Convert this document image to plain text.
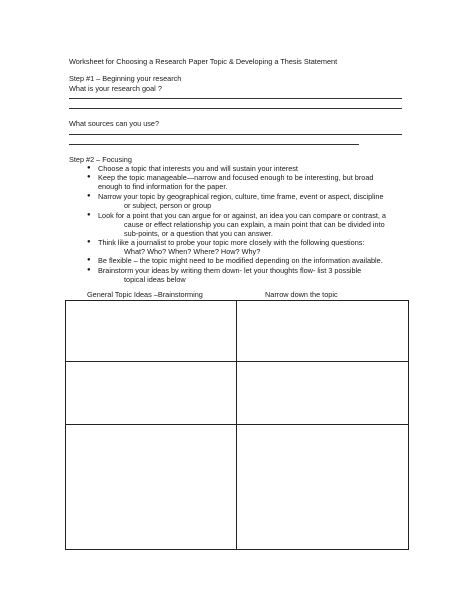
Worksheet for Choosing a Research Paper Topic & Developing a Thesis Statement
Step #1 – Beginning your research
What is your research goal ?
What sources can you use?
Step #2 – Focusing
● Choose a topic that interests you and will sustain your interest
● Keep the topic manageable—narrow and focused enough to be interesting, but broad
enough to find information for the paper.
● Narrow your topic by geographical region, culture, time frame, event or aspect, discipline
or subject, person or group
● Look for a point that you can argue for or against, an idea you can compare or contrast, a
cause or effect relationship you can explain, a main point that can be divided into
sub-points, or a question that you can answer.
● Think like a journalist to probe your topic more closely with the following questions:
What? Who? When? Where? How? Why?
● Be flexible – the topic might need to be modified depending on the information available.
● Brainstorm your ideas by writing them down- let your thoughts flow- list 3 possible
topical ideas below
General Topic Ideas –Brainstorming	Narrow down the topic
